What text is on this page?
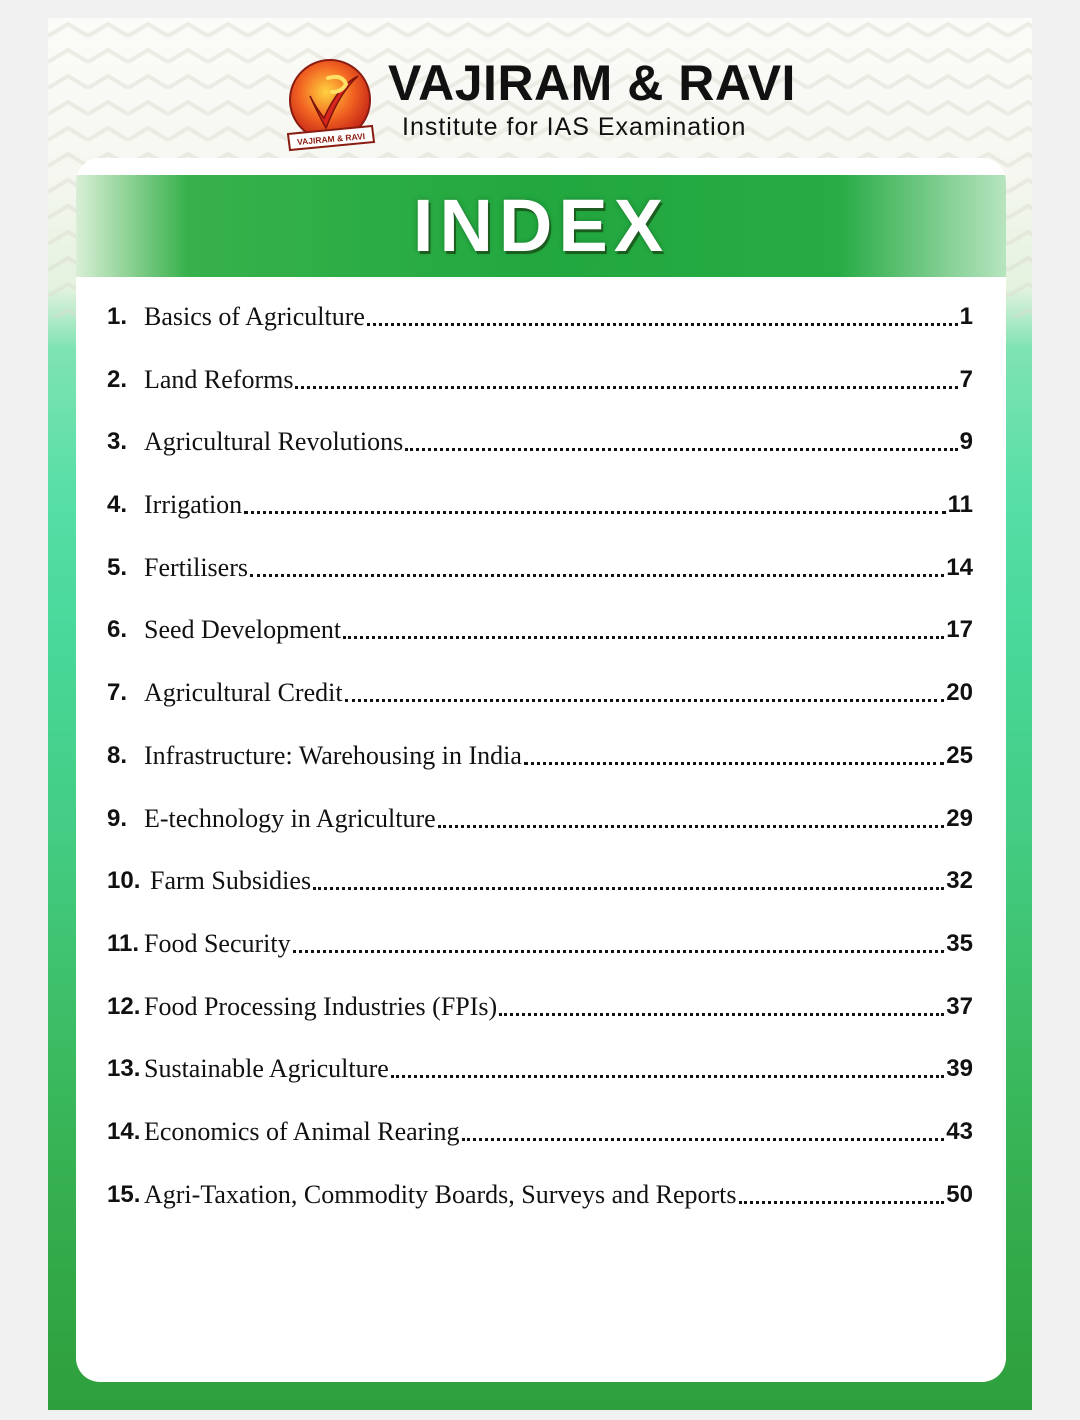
VAJIRAM & RAVI
VAJIRAM & RAVI
Institute for IAS Examination
INDEX
1. Basics of Agriculture	1
2. Land Reforms	7
3. Agricultural Revolutions	9
4. Irrigation	11
5. Fertilisers	14
6. Seed Development	17
7. Agricultural Credit	20
8. Infrastructure: Warehousing in India	25
9. E-technology in Agriculture	29
10. Farm Subsidies	32
11. Food Security	35
12. Food Processing Industries (FPIs)	37
13. Sustainable Agriculture	39
14. Economics of Animal Rearing	43
15. Agri-Taxation, Commodity Boards, Surveys and Reports	50
